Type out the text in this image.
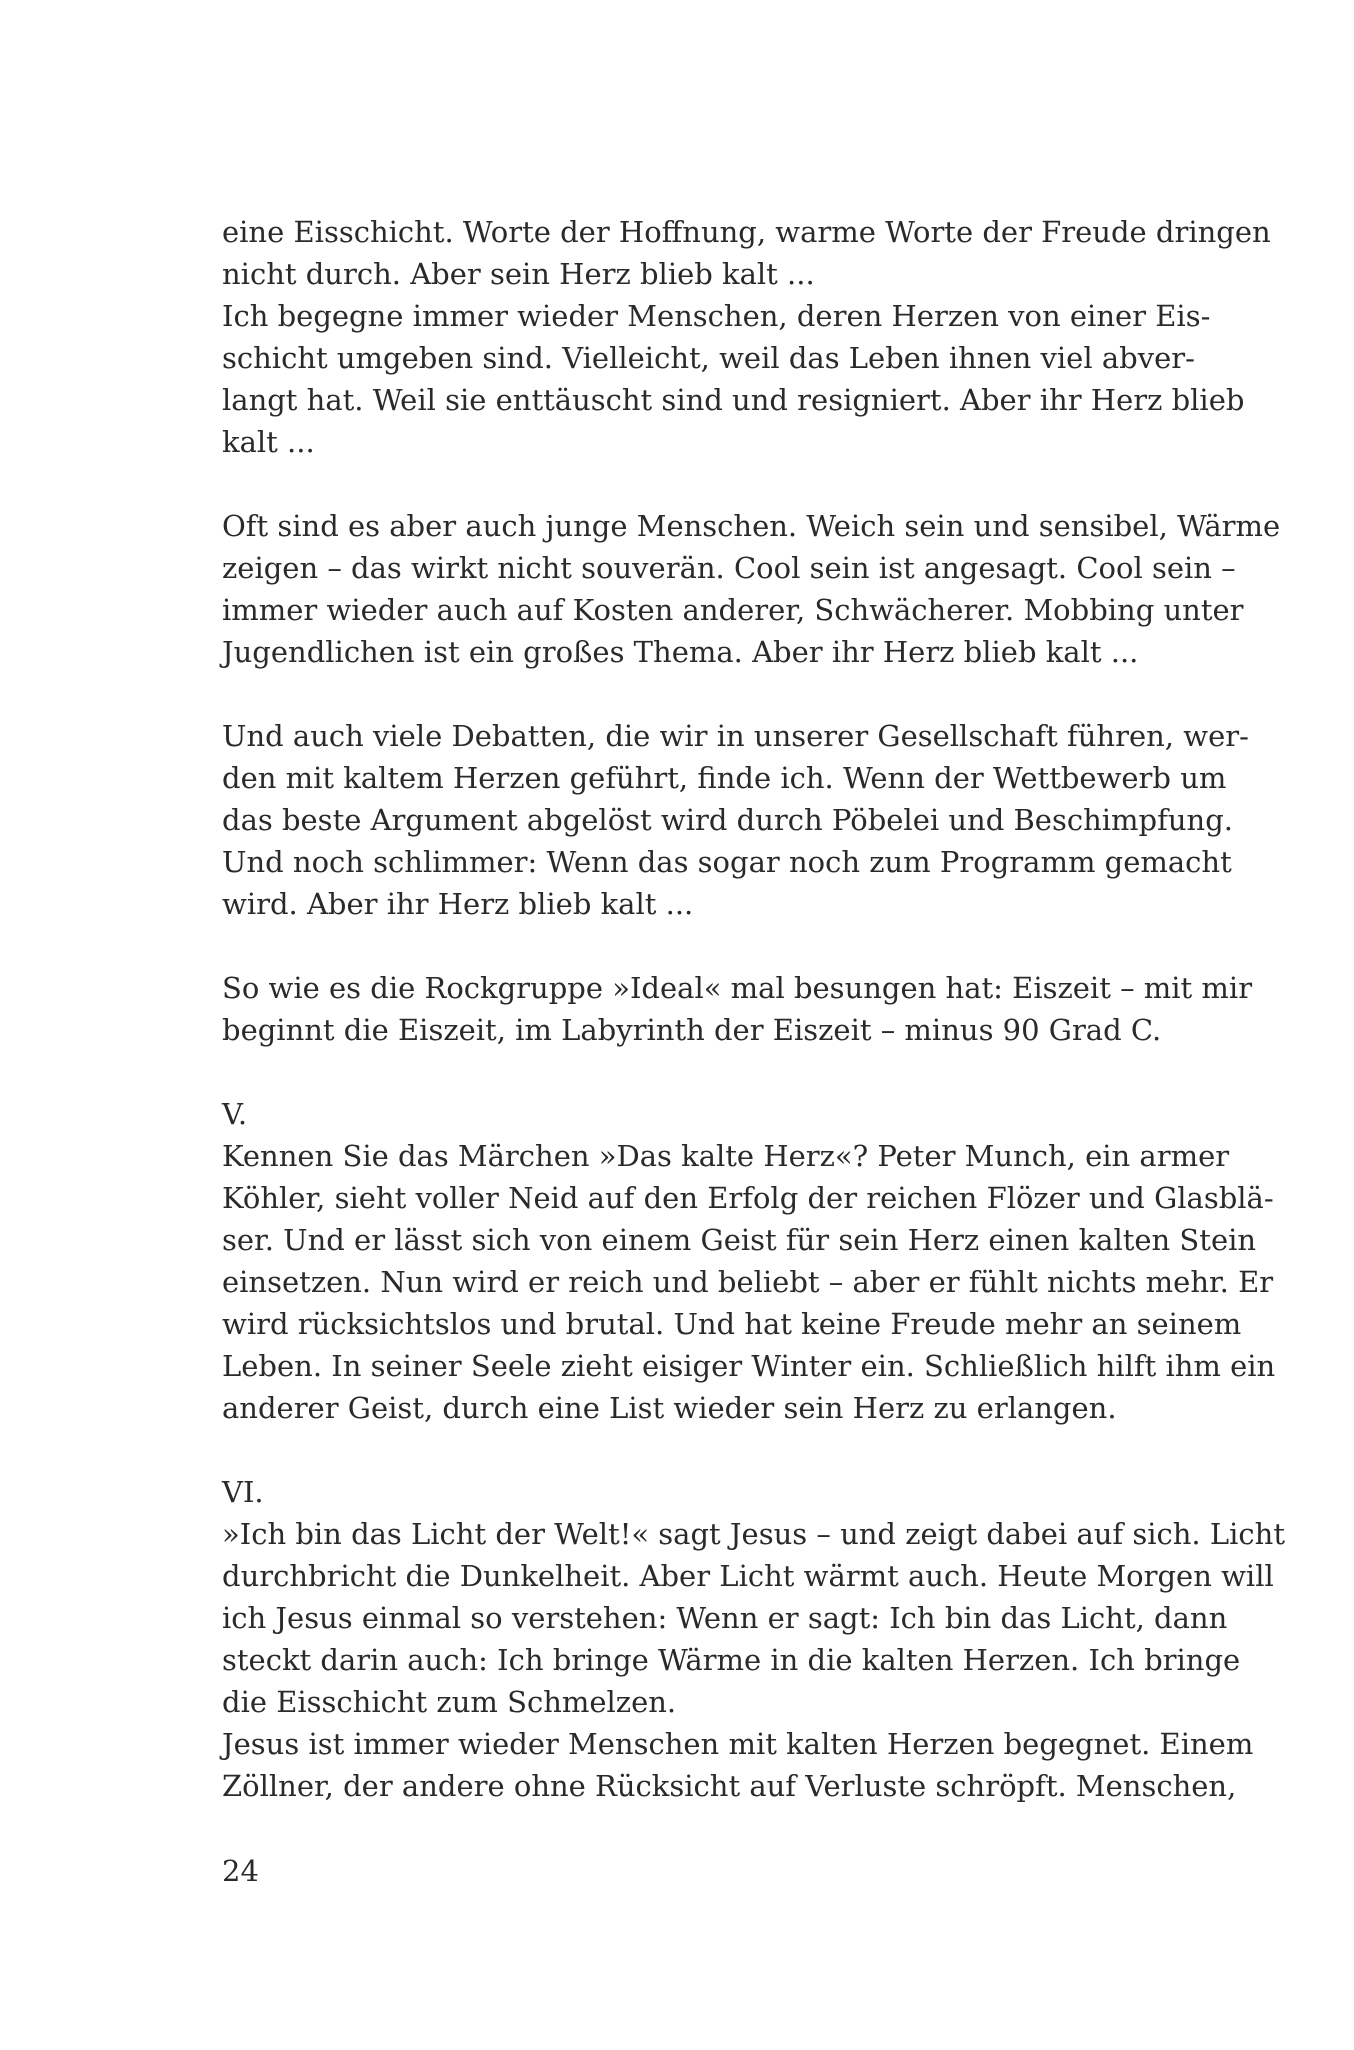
eine Eisschicht. Worte der Hoffnung, warme Worte der Freude dringen
nicht durch. Aber sein Herz blieb kalt ...

Ich begegne immer wieder Menschen, deren Herzen von einer Eis-
schicht umgeben sind. Vielleicht, weil das Leben ihnen viel abver-
langt hat. Weil sie enttäuscht sind und resigniert. Aber ihr Herz blieb
kalt ...

Oft sind es aber auch junge Menschen. Weich sein und sensibel, Wärme
zeigen – das wirkt nicht souverän. Cool sein ist angesagt. Cool sein –
immer wieder auch auf Kosten anderer, Schwächerer. Mobbing unter
Jugendlichen ist ein großes Thema. Aber ihr Herz blieb kalt ...

Und auch viele Debatten, die wir in unserer Gesellschaft führen, wer-
den mit kaltem Herzen geführt, finde ich. Wenn der Wettbewerb um
das beste Argument abgelöst wird durch Pöbelei und Beschimpfung.
Und noch schlimmer: Wenn das sogar noch zum Programm gemacht
wird. Aber ihr Herz blieb kalt ...

So wie es die Rockgruppe »Ideal« mal besungen hat: Eiszeit – mit mir
beginnt die Eiszeit, im Labyrinth der Eiszeit – minus 90 Grad C.

V.

Kennen Sie das Märchen »Das kalte Herz«? Peter Munch, ein armer
Köhler, sieht voller Neid auf den Erfolg der reichen Flözer und Glasblä-
ser. Und er lässt sich von einem Geist für sein Herz einen kalten Stein
einsetzen. Nun wird er reich und beliebt – aber er fühlt nichts mehr. Er
wird rücksichtslos und brutal. Und hat keine Freude mehr an seinem
Leben. In seiner Seele zieht eisiger Winter ein. Schließlich hilft ihm ein
anderer Geist, durch eine List wieder sein Herz zu erlangen.

VI.

»Ich bin das Licht der Welt!« sagt Jesus – und zeigt dabei auf sich. Licht
durchbricht die Dunkelheit. Aber Licht wärmt auch. Heute Morgen will
ich Jesus einmal so verstehen: Wenn er sagt: Ich bin das Licht, dann
steckt darin auch: Ich bringe Wärme in die kalten Herzen. Ich bringe
die Eisschicht zum Schmelzen.

Jesus ist immer wieder Menschen mit kalten Herzen begegnet. Einem
Zöllner, der andere ohne Rücksicht auf Verluste schröpft. Menschen,

24
